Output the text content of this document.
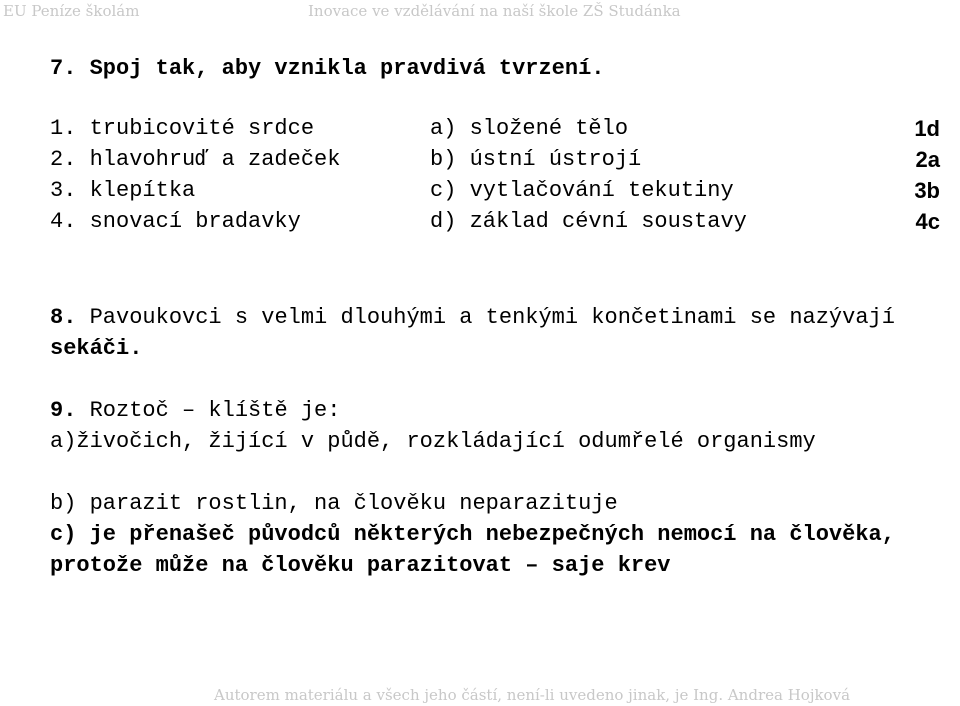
EU Peníze školám	Inovace ve vzdělávání na naší škole ZŠ Studánka
7. Spoj tak, aby vznikla pravdivá tvrzení.
1. trubicovité srdce	a) složené tělo	1d
2. hlavohruď a zadeček	b) ústní ústrojí	2a
3. klepítka	c) vytlačování tekutiny	3b
4. snovací bradavky	d) základ cévní soustavy	4c
8. Pavoukovci s velmi dlouhými a tenkými končetinami se nazývají sekáči.
9. Roztoč – klíště je:
a)živočich, žijící v půdě, rozkládající odumřelé organismy
b) parazit rostlin, na člověku neparazituje
c) je přenašeč původců některých nebezpečných nemocí na člověka, protože může na člověku parazitovat – saje krev
Autorem materiálu a všech jeho částí, není-li uvedeno jinak, je Ing. Andrea Hojková
